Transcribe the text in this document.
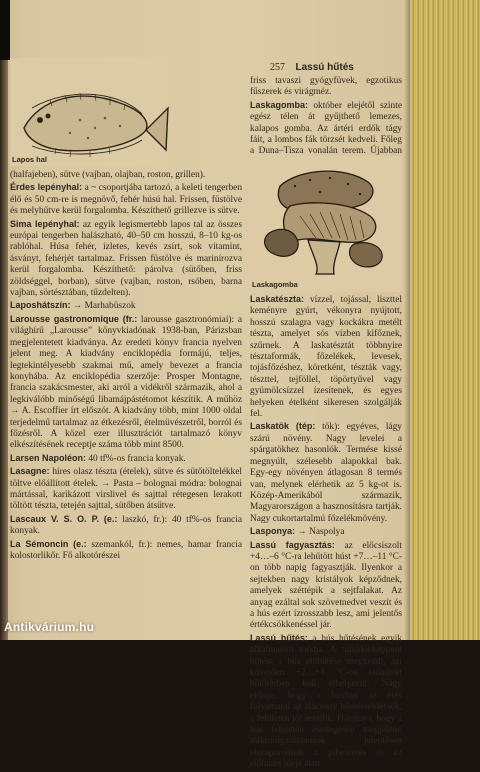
257 Lassú hűtés
Lapos hal

(halfajeben), sütve (vajban, olajban, roston, grillen).

Érdes lepényhal: a ~ csoportjába tartozó, a keleti tengerben élő és 50 cm-re is megnövő, fehér húsú hal. Frissen, füstölve és melyhűtve kerül forgalomba. Készíthető grillezve is sütve.

Sima lepényhal: az egyik legismertebb lapos tal az összes európai tengerben halászható, 40–50 cm hosszú, 8–10 kg-os rablóhal. Húsa fehér, ízletes, kevés zsírt, sok vitamint, ásványt, fehérjét tartalmaz. Frissen füstölve és marinírozva kerül forgalomba. Készíthető: párolva (sütőben, friss zöldséggel, borban), sütve (vajban, roston, rsóben, barna vajban, sörtésztában, tűzdelten).

Laposhátszín: → Marhabüszok

Larousse gastronomique (fr.: larousse gasztronómiai): a világhírű „Larousse” könyvkiadónak 1938-ban, Párizsban megjelentetett kiadványa. Az eredeti könyv francia nyelven jelent meg. A kiadvány enciklopédia formájú, teljes, legtekintélyesebb szakmai mű, amely bevezet a francia konyhába. Az enciklopédia szerzője: Prosper Montagne, francia szakácsmester, aki arról a vidékről származik, ahol a legkiválóbb minőségű libamájpástétomot készítik. A műhöz → A. Escoffier írt előszót. A kiadvány több, mint 1000 oldal terjedelmű tartalmaz az étkezésről, ételmüvészetről, borról és főzésről. A közel ezer illusztrációt tartalmazó könyv elkészítésének receptje száma több mint 8500.

Larsen Napoléon: 40 tf%-os francia konyak.

Lasagne: híres olasz tészta (ételek), sütve és sütőtöltelékkel töltve előállított ételek. → Pasta – bolognai módra: bolognai mártással, karikázott virslivel és sajttal rétegesen lerakott töltött tészta, tetején sajttal, sütőben átsütve.

Lascaux V. S. O. P. (e.: laszkó, fr.): 40 tf%-os francia konyak.

La Sémoncin (e.: szemankól, fr.): nemes, hamar francia kolostorlikőr. Fő alkotórészei

friss tavaszi gyógyfüvek, egzotikus fűszerek és virágméz.

Laskagomba: október elejétől szinte egész télen át gyűjthető lemezes, kalapos gomba. Az ártéri erdők tágy fáit, a lombos fák törzsét kedveli. Főleg a Duna–Tisza vonalán terem. Újabban

Laskagomba

Laskatészta: vízzel, tojással, liszttel keményre gyúrt, vékonyra nyújtott, hosszú szalagra vagy kockákra metélt tészta, amelyet sós vízben kifőznek, szűrnek. A laskatésztát többnyire tésztaformák, főzelékek, levesek, tojásfőzéshez, köretként, tészták vagy, tészttel, tejföllel, töpörtyűvel vagy gyümölcsízzel ízesítenek, és egyes helyeken ételként sikeresen szolgálják fel.

Laskatök (tép: tök): egyéves, lágy szárú növény. Nagy levelei a spárgatökhez hasonlók. Termése kissé megnyúlt, szélesebb alapokkal bak. Egy-egy növényen átlagosan 8 termés van, melynek elérhetik az 5 kg-ot is. Közép-Amerikából származik, Magyarországon a hasznosításra tartják. Nagy cukortartalmú főzelékmövény.

Lasponya: → Naspolya

Lassú fagyasztás: az előcsiszolt +4…–6 °C-ra lehűtött húst +7…–11 °C-on több napig fagyasztják. Ilyenkor a sejtekben nagy kristályok képződnek, amelyek széttépik a sejtfalakat. Az anyag ezáltal sok szövetnedvet veszít és a hús ezért ízrosszabb lesz, ami jelentős értékcsökkenéssel jár.

Lassú hűtés: a hús hűtésének egyik alkalmazott módja. A tulajdonképpeni hűtést a hús előhűtése megkezdi, azt követően +2…+4 °C-os előhűtött hűtőtérben kell elhelyezni. Nagy előnye, hogy a húsban az érés folyamatai az alacsony hőmérsékletnek, a felületen jól lezajlik. Hátránya, hogy a hús felületén esetlegesen megjelenő mikroorganizmusok jelentősen elszaporodnak a pihentetés és az előhűtés ideje alatt.

Antikvárium.hu
